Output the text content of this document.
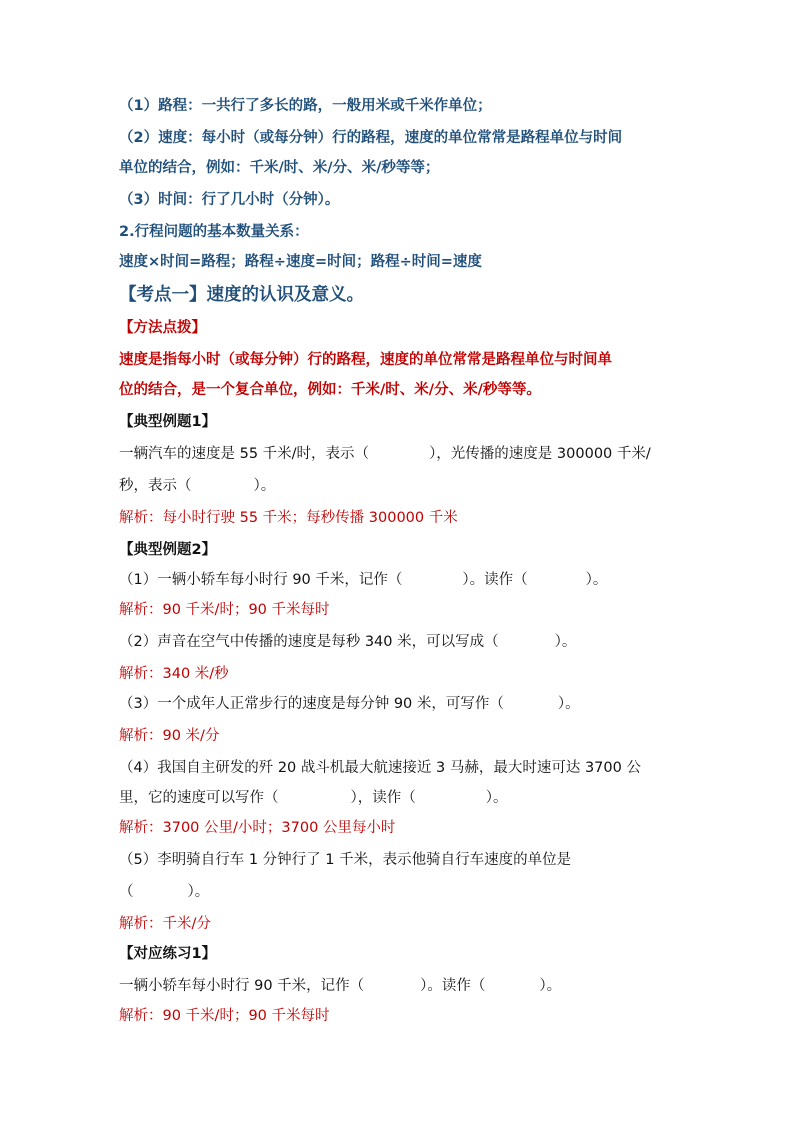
（1）路程：一共行了多长的路，一般用米或千米作单位；
（2）速度：每小时（或每分钟）行的路程，速度的单位常常是路程单位与时间
单位的结合，例如：千米/时、米/分、米/秒等等；
（3）时间：行了几小时（分钟）。
2.行程问题的基本数量关系：
速度×时间=路程；路程÷速度=时间；路程÷时间=速度
【考点一】速度的认识及意义。
【方法点拨】
速度是指每小时（或每分钟）行的路程，速度的单位常常是路程单位与时间单
位的结合，是一个复合单位，例如：千米/时、米/分、米/秒等等。
【典型例题1】
一辆汽车的速度是 55 千米/时，表示（	），光传播的速度是 300000 千米/
秒，表示（	）。
解析：每小时行驶 55 千米；每秒传播 300000 千米
【典型例题2】
（1）一辆小轿车每小时行 90 千米，记作（	）。读作（	）。
解析：90 千米/时；90 千米每时
（2）声音在空气中传播的速度是每秒 340 米，可以写成（	）。
解析：340 米/秒
（3）一个成年人正常步行的速度是每分钟 90 米，可写作（	）。
解析：90 米/分
（4）我国自主研发的歼 20 战斗机最大航速接近 3 马赫，最大时速可达 3700 公
里，它的速度可以写作（	），读作（	）。
解析：3700 公里/小时；3700 公里每小时
（5）李明骑自行车 1 分钟行了 1 千米，表示他骑自行车速度的单位是
（	）。
解析：千米/分
【对应练习1】
一辆小轿车每小时行 90 千米，记作（	）。读作（	）。
解析：90 千米/时；90 千米每时
